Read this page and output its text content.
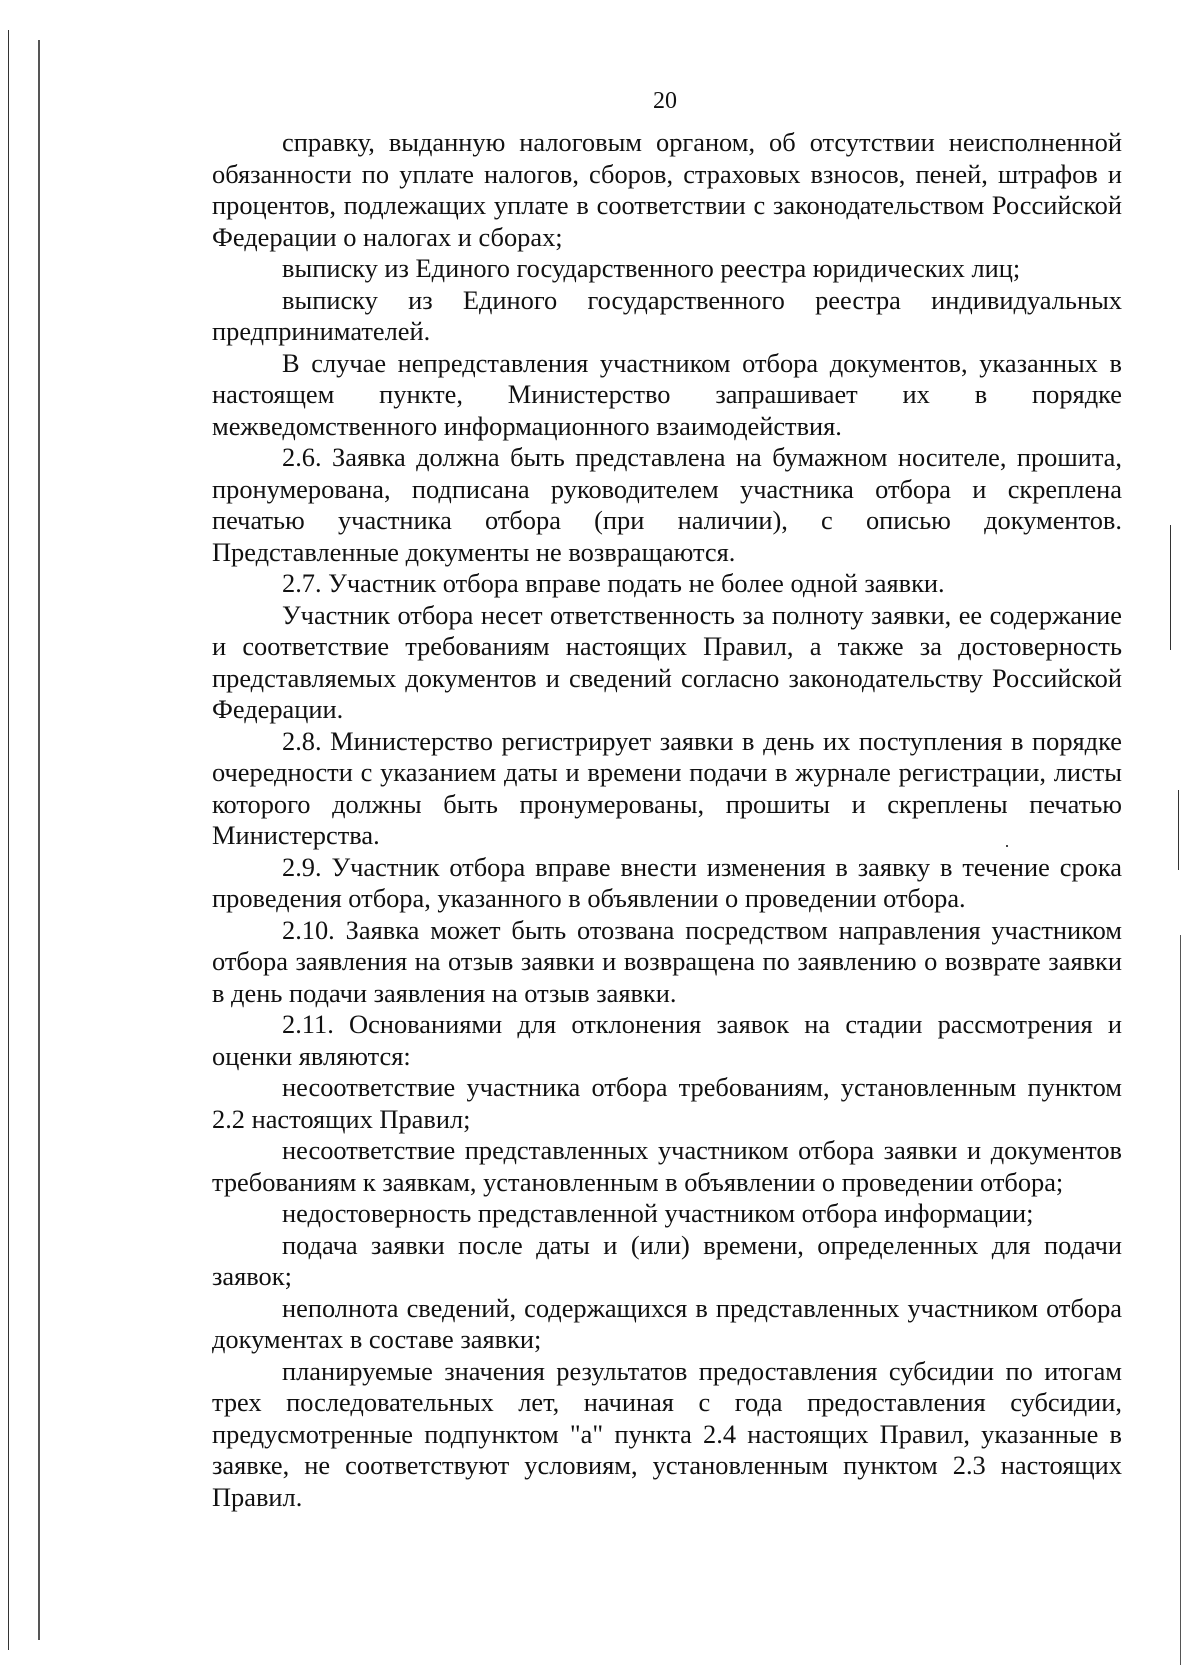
20

справку, выданную налоговым органом, об отсутствии неисполненной обязанности по уплате налогов, сборов, страховых взносов, пеней, штрафов и процентов, подлежащих уплате в соответствии с законодательством Российской Федерации о налогах и сборах;

выписку из Единого государственного реестра юридических лиц;

выписку из Единого государственного реестра индивидуальных предпринимателей.

В случае непредставления участником отбора документов, указанных в настоящем пункте, Министерство запрашивает их в порядке межведомственного информационного взаимодействия.

2.6. Заявка должна быть представлена на бумажном носителе, прошита, пронумерована, подписана руководителем участника отбора и скреплена печатью участника отбора (при наличии), с описью документов. Представленные документы не возвращаются.

2.7. Участник отбора вправе подать не более одной заявки.

Участник отбора несет ответственность за полноту заявки, ее содержание и соответствие требованиям настоящих Правил, а также за достоверность представляемых документов и сведений согласно законодательству Российской Федерации.

2.8. Министерство регистрирует заявки в день их поступления в порядке очередности с указанием даты и времени подачи в журнале регистрации, листы которого должны быть пронумерованы, прошиты и скреплены печатью Министерства.

2.9. Участник отбора вправе внести изменения в заявку в течение срока проведения отбора, указанного в объявлении о проведении отбора.

2.10. Заявка может быть отозвана посредством направления участником отбора заявления на отзыв заявки и возвращена по заявлению о возврате заявки в день подачи заявления на отзыв заявки.

2.11. Основаниями для отклонения заявок на стадии рассмотрения и оценки являются:

несоответствие участника отбора требованиям, установленным пунктом 2.2 настоящих Правил;

несоответствие представленных участником отбора заявки и документов требованиям к заявкам, установленным в объявлении о проведении отбора;

недостоверность представленной участником отбора информации;

подача заявки после даты и (или) времени, определенных для подачи заявок;

неполнота сведений, содержащихся в представленных участником отбора документах в составе заявки;

планируемые значения результатов предоставления субсидии по итогам трех последовательных лет, начиная с года предоставления субсидии, предусмотренные подпунктом "а" пункта 2.4 настоящих Правил, указанные в заявке, не соответствуют условиям, установленным пунктом 2.3 настоящих Правил.
